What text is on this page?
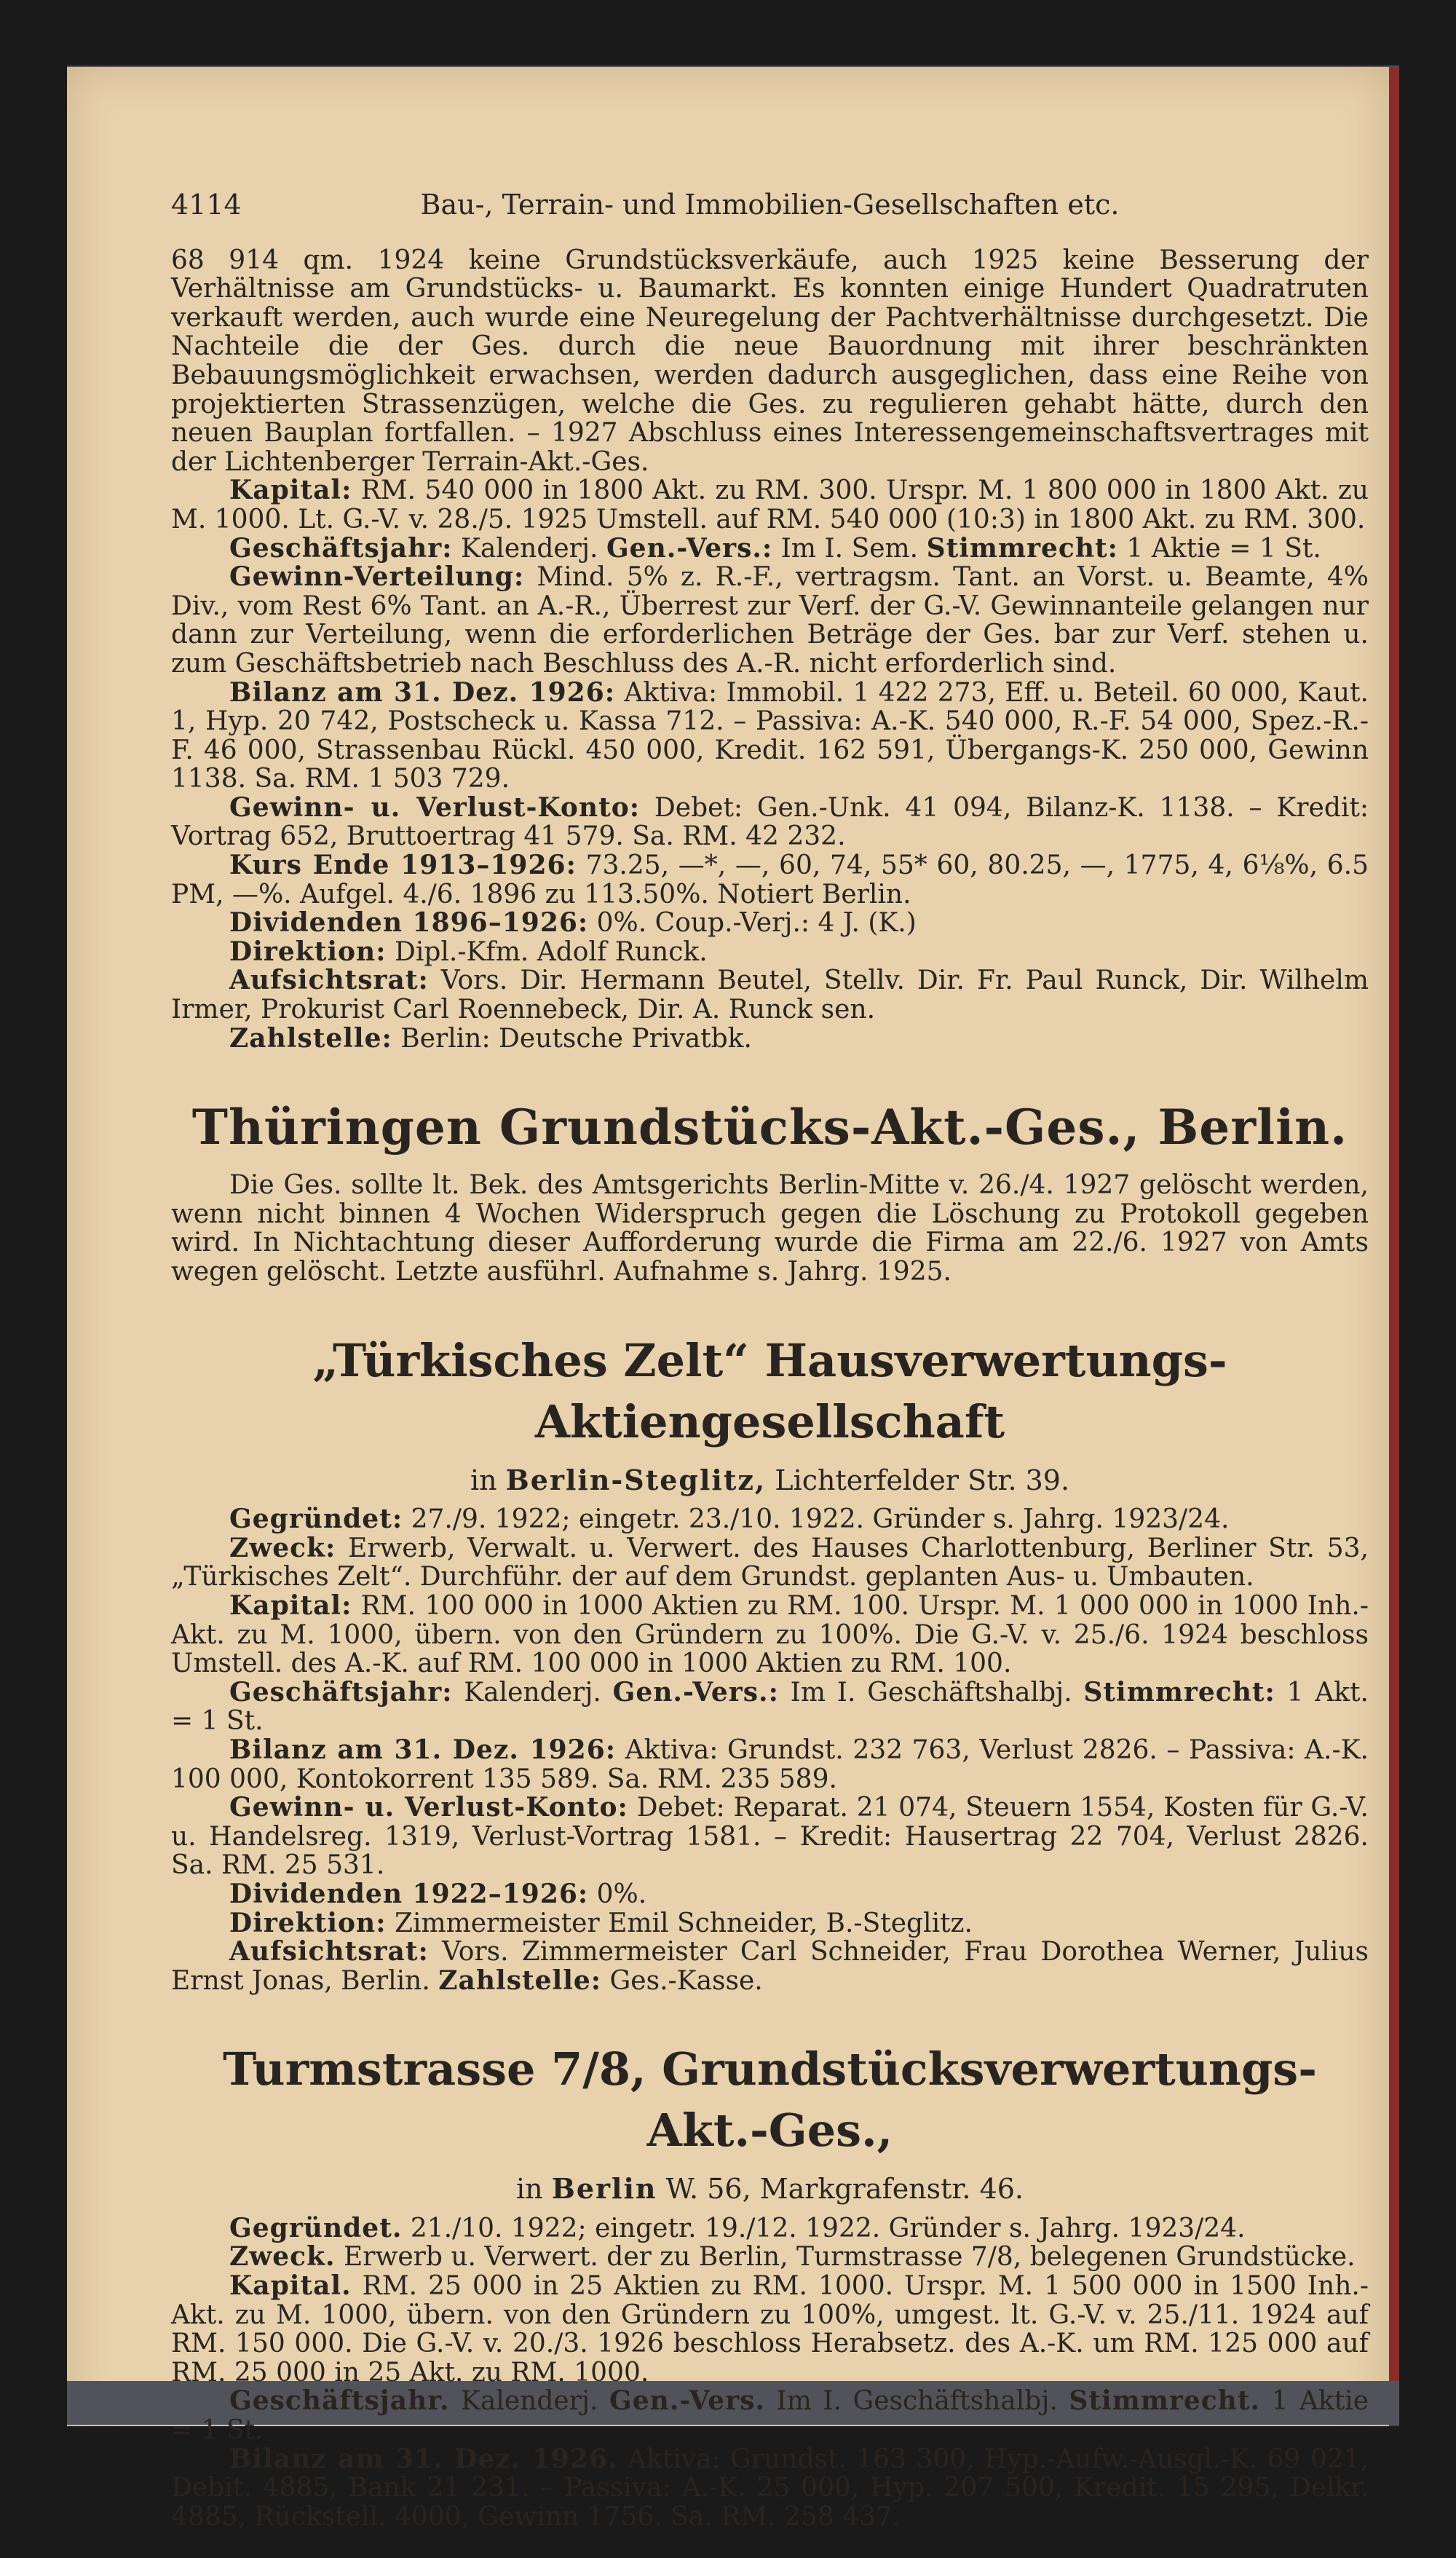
4114	Bau-, Terrain- und Immobilien-Gesellschaften etc.

68 914 qm. 1924 keine Grundstücksverkäufe, auch 1925 keine Besserung der Verhältnisse am Grundstücks- u. Baumarkt. Es konnten einige Hundert Quadratruten verkauft werden, auch wurde eine Neuregelung der Pachtverhältnisse durchgesetzt. Die Nachteile die der Ges. durch die neue Bauordnung mit ihrer beschränkten Bebauungsmöglichkeit erwachsen, werden dadurch ausgeglichen, dass eine Reihe von projektierten Strassenzügen, welche die Ges. zu regulieren gehabt hätte, durch den neuen Bauplan fortfallen. – 1927 Abschluss eines Interessengemeinschaftsvertrages mit der Lichtenberger Terrain-Akt.-Ges.

Kapital: RM. 540 000 in 1800 Akt. zu RM. 300. Urspr. M. 1 800 000 in 1800 Akt. zu M. 1000. Lt. G.-V. v. 28./5. 1925 Umstell. auf RM. 540 000 (10:3) in 1800 Akt. zu RM. 300.

Geschäftsjahr: Kalenderj. Gen.-Vers.: Im I. Sem. Stimmrecht: 1 Aktie = 1 St.

Gewinn-Verteilung: Mind. 5% z. R.-F., vertragsm. Tant. an Vorst. u. Beamte, 4% Div., vom Rest 6% Tant. an A.-R., Überrest zur Verf. der G.-V. Gewinnanteile gelangen nur dann zur Verteilung, wenn die erforderlichen Beträge der Ges. bar zur Verf. stehen u. zum Geschäftsbetrieb nach Beschluss des A.-R. nicht erforderlich sind.

Bilanz am 31. Dez. 1926: Aktiva: Immobil. 1 422 273, Eff. u. Beteil. 60 000, Kaut. 1, Hyp. 20 742, Postscheck u. Kassa 712. – Passiva: A.-K. 540 000, R.-F. 54 000, Spez.-R.-F. 46 000, Strassenbau Rückl. 450 000, Kredit. 162 591, Übergangs-K. 250 000, Gewinn 1138. Sa. RM. 1 503 729.

Gewinn- u. Verlust-Konto: Debet: Gen.-Unk. 41 094, Bilanz-K. 1138. – Kredit: Vortrag 652, Bruttoertrag 41 579. Sa. RM. 42 232.

Kurs Ende 1913–1926: 73.25, —*, —, 60, 74, 55* 60, 80.25, —, 1775, 4, 6⅛%, 6.5 PM, —%. Aufgel. 4./6. 1896 zu 113.50%. Notiert Berlin.

Dividenden 1896–1926: 0%. Coup.-Verj.: 4 J. (K.)

Direktion: Dipl.-Kfm. Adolf Runck.

Aufsichtsrat: Vors. Dir. Hermann Beutel, Stellv. Dir. Fr. Paul Runck, Dir. Wilhelm Irmer, Prokurist Carl Roennebeck, Dir. A. Runck sen.

Zahlstelle: Berlin: Deutsche Privatbk.

Thüringen Grundstücks-Akt.-Ges., Berlin.

Die Ges. sollte lt. Bek. des Amtsgerichts Berlin-Mitte v. 26./4. 1927 gelöscht werden, wenn nicht binnen 4 Wochen Widerspruch gegen die Löschung zu Protokoll gegeben wird. In Nichtachtung dieser Aufforderung wurde die Firma am 22./6. 1927 von Amts wegen gelöscht. Letzte ausführl. Aufnahme s. Jahrg. 1925.

„Türkisches Zelt“ Hausverwertungs-Aktiengesellschaft
in Berlin-Steglitz, Lichterfelder Str. 39.

Gegründet: 27./9. 1922; eingetr. 23./10. 1922. Gründer s. Jahrg. 1923/24.

Zweck: Erwerb, Verwalt. u. Verwert. des Hauses Charlottenburg, Berliner Str. 53, „Türkisches Zelt“. Durchführ. der auf dem Grundst. geplanten Aus- u. Umbauten.

Kapital: RM. 100 000 in 1000 Aktien zu RM. 100. Urspr. M. 1 000 000 in 1000 Inh.-Akt. zu M. 1000, übern. von den Gründern zu 100%. Die G.-V. v. 25./6. 1924 beschloss Umstell. des A.-K. auf RM. 100 000 in 1000 Aktien zu RM. 100.

Geschäftsjahr: Kalenderj. Gen.-Vers.: Im I. Geschäftshalbj. Stimmrecht: 1 Akt. = 1 St.

Bilanz am 31. Dez. 1926: Aktiva: Grundst. 232 763, Verlust 2826. – Passiva: A.-K. 100 000, Kontokorrent 135 589. Sa. RM. 235 589.

Gewinn- u. Verlust-Konto: Debet: Reparat. 21 074, Steuern 1554, Kosten für G.-V. u. Handelsreg. 1319, Verlust-Vortrag 1581. – Kredit: Hausertrag 22 704, Verlust 2826. Sa. RM. 25 531.

Dividenden 1922–1926: 0%.

Direktion: Zimmermeister Emil Schneider, B.-Steglitz.

Aufsichtsrat: Vors. Zimmermeister Carl Schneider, Frau Dorothea Werner, Julius Ernst Jonas, Berlin. Zahlstelle: Ges.-Kasse.

Turmstrasse 7/8, Grundstücksverwertungs-Akt.-Ges.,
in Berlin W. 56, Markgrafenstr. 46.

Gegründet. 21./10. 1922; eingetr. 19./12. 1922. Gründer s. Jahrg. 1923/24.

Zweck. Erwerb u. Verwert. der zu Berlin, Turmstrasse 7/8, belegenen Grundstücke.

Kapital. RM. 25 000 in 25 Aktien zu RM. 1000. Urspr. M. 1 500 000 in 1500 Inh.-Akt. zu M. 1000, übern. von den Gründern zu 100%, umgest. lt. G.-V. v. 25./11. 1924 auf RM. 150 000. Die G.-V. v. 20./3. 1926 beschloss Herabsetz. des A.-K. um RM. 125 000 auf RM. 25 000 in 25 Akt. zu RM. 1000.

Geschäftsjahr. Kalenderj. Gen.-Vers. Im I. Geschäftshalbj. Stimmrecht. 1 Aktie = 1 St.

Bilanz am 31. Dez. 1926. Aktiva: Grundst. 163 300, Hyp.-Aufw.-Ausgl.-K. 69 021, Debit. 4885, Bank 21 231. – Passiva: A.-K. 25 000, Hyp. 207 500, Kredit. 15 295, Delkr. 4885, Rückstell. 4000, Gewinn 1756. Sa. RM. 258 437.
